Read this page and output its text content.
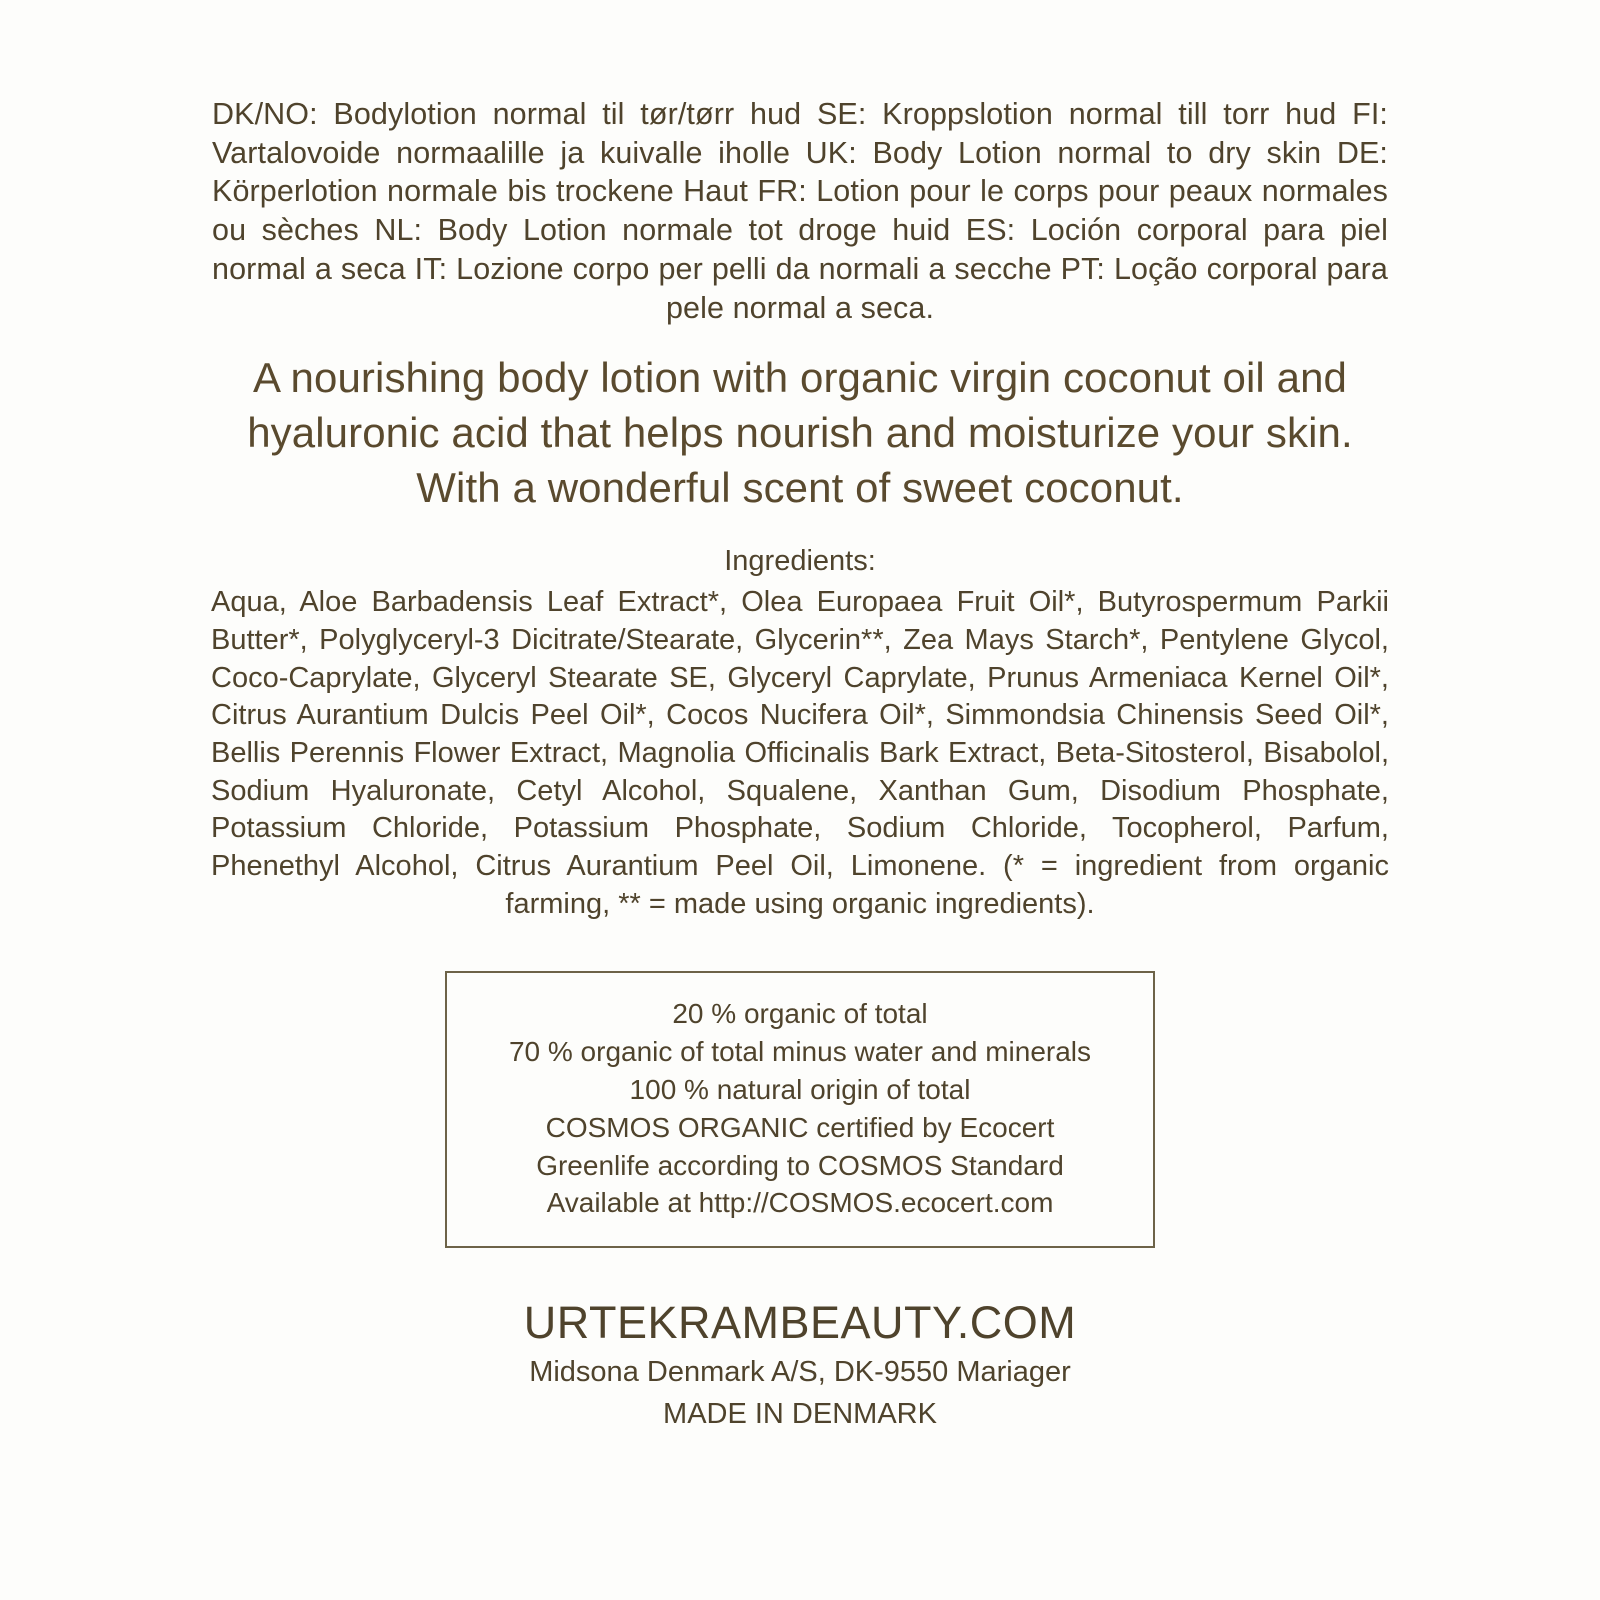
DK/NO: Bodylotion normal til tør/tørr hud SE: Kroppslotion normal till torr hud FI: Vartalovoide normaalille ja kuivalle iholle UK: Body Lotion normal to dry skin DE: Körperlotion normale bis trockene Haut FR: Lotion pour le corps pour peaux normales ou sèches NL: Body Lotion normale tot droge huid ES: Loción corporal para piel normal a seca IT: Lozione corpo per pelli da normali a secche PT: Loção corporal para pele normal a seca.

A nourishing body lotion with organic virgin coconut oil and hyaluronic acid that helps nourish and moisturize your skin. With a wonderful scent of sweet coconut.

Ingredients:

Aqua, Aloe Barbadensis Leaf Extract*, Olea Europaea Fruit Oil*, Butyrospermum Parkii Butter*, Polyglyceryl-3 Dicitrate/Stearate, Glycerin**, Zea Mays Starch*, Pentylene Glycol, Coco-Caprylate, Glyceryl Stearate SE, Glyceryl Caprylate, Prunus Armeniaca Kernel Oil*, Citrus Aurantium Dulcis Peel Oil*, Cocos Nucifera Oil*, Simmondsia Chinensis Seed Oil*, Bellis Perennis Flower Extract, Magnolia Officinalis Bark Extract, Beta-Sitosterol, Bisabolol, Sodium Hyaluronate, Cetyl Alcohol, Squalene, Xanthan Gum, Disodium Phosphate, Potassium Chloride, Potassium Phosphate, Sodium Chloride, Tocopherol, Parfum, Phenethyl Alcohol, Citrus Aurantium Peel Oil, Limonene. (* = ingredient from organic farming, ** = made using organic ingredients).

20 % organic of total
70 % organic of total minus water and minerals
100 % natural origin of total
COSMOS ORGANIC certified by Ecocert
Greenlife according to COSMOS Standard
Available at http://COSMOS.ecocert.com
URTEKRAMBEAUTY.COM
Midsona Denmark A/S, DK-9550 Mariager
MADE IN DENMARK
